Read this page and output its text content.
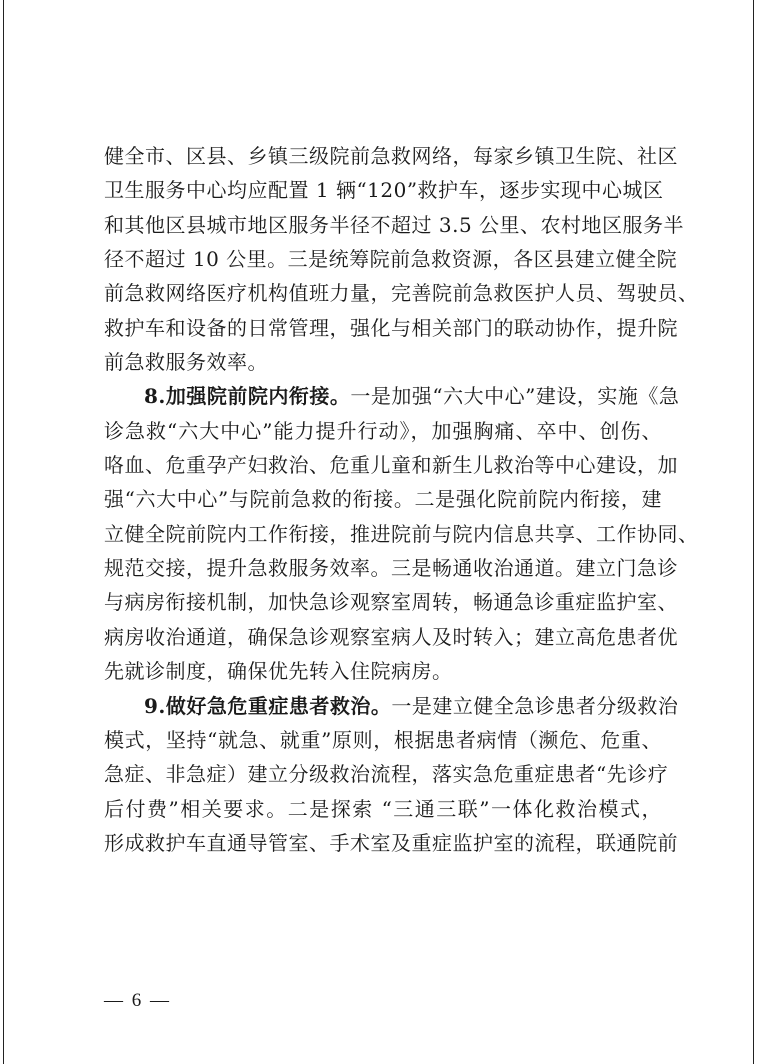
健全市、区县、乡镇三级院前急救网络，每家乡镇卫生院、社区
卫生服务中心均应配置 1 辆“120”救护车，逐步实现中心城区
和其他区县城市地区服务半径不超过 3.5 公里、农村地区服务半
径不超过 10 公里。三是统筹院前急救资源，各区县建立健全院
前急救网络医疗机构值班力量，完善院前急救医护人员、驾驶员、
救护车和设备的日常管理，强化与相关部门的联动协作，提升院
前急救服务效率。
8.加强院前院内衔接。一是加强“六大中心”建设，实施《急
诊急救“六大中心”能力提升行动》，加强胸痛、卒中、创伤、
咯血、危重孕产妇救治、危重儿童和新生儿救治等中心建设，加
强“六大中心”与院前急救的衔接。二是强化院前院内衔接，建
立健全院前院内工作衔接，推进院前与院内信息共享、工作协同、
规范交接，提升急救服务效率。三是畅通收治通道。建立门急诊
与病房衔接机制，加快急诊观察室周转，畅通急诊重症监护室、
病房收治通道，确保急诊观察室病人及时转入；建立高危患者优
先就诊制度，确保优先转入住院病房。
9.做好急危重症患者救治。一是建立健全急诊患者分级救治
模式，坚持“就急、就重”原则，根据患者病情（濒危、危重、
急症、非急症）建立分级救治流程，落实急危重症患者“先诊疗
后付费”相关要求。二是探索 “三通三联”一体化救治模式，
形成救护车直通导管室、手术室及重症监护室的流程，联通院前
— 6 —
